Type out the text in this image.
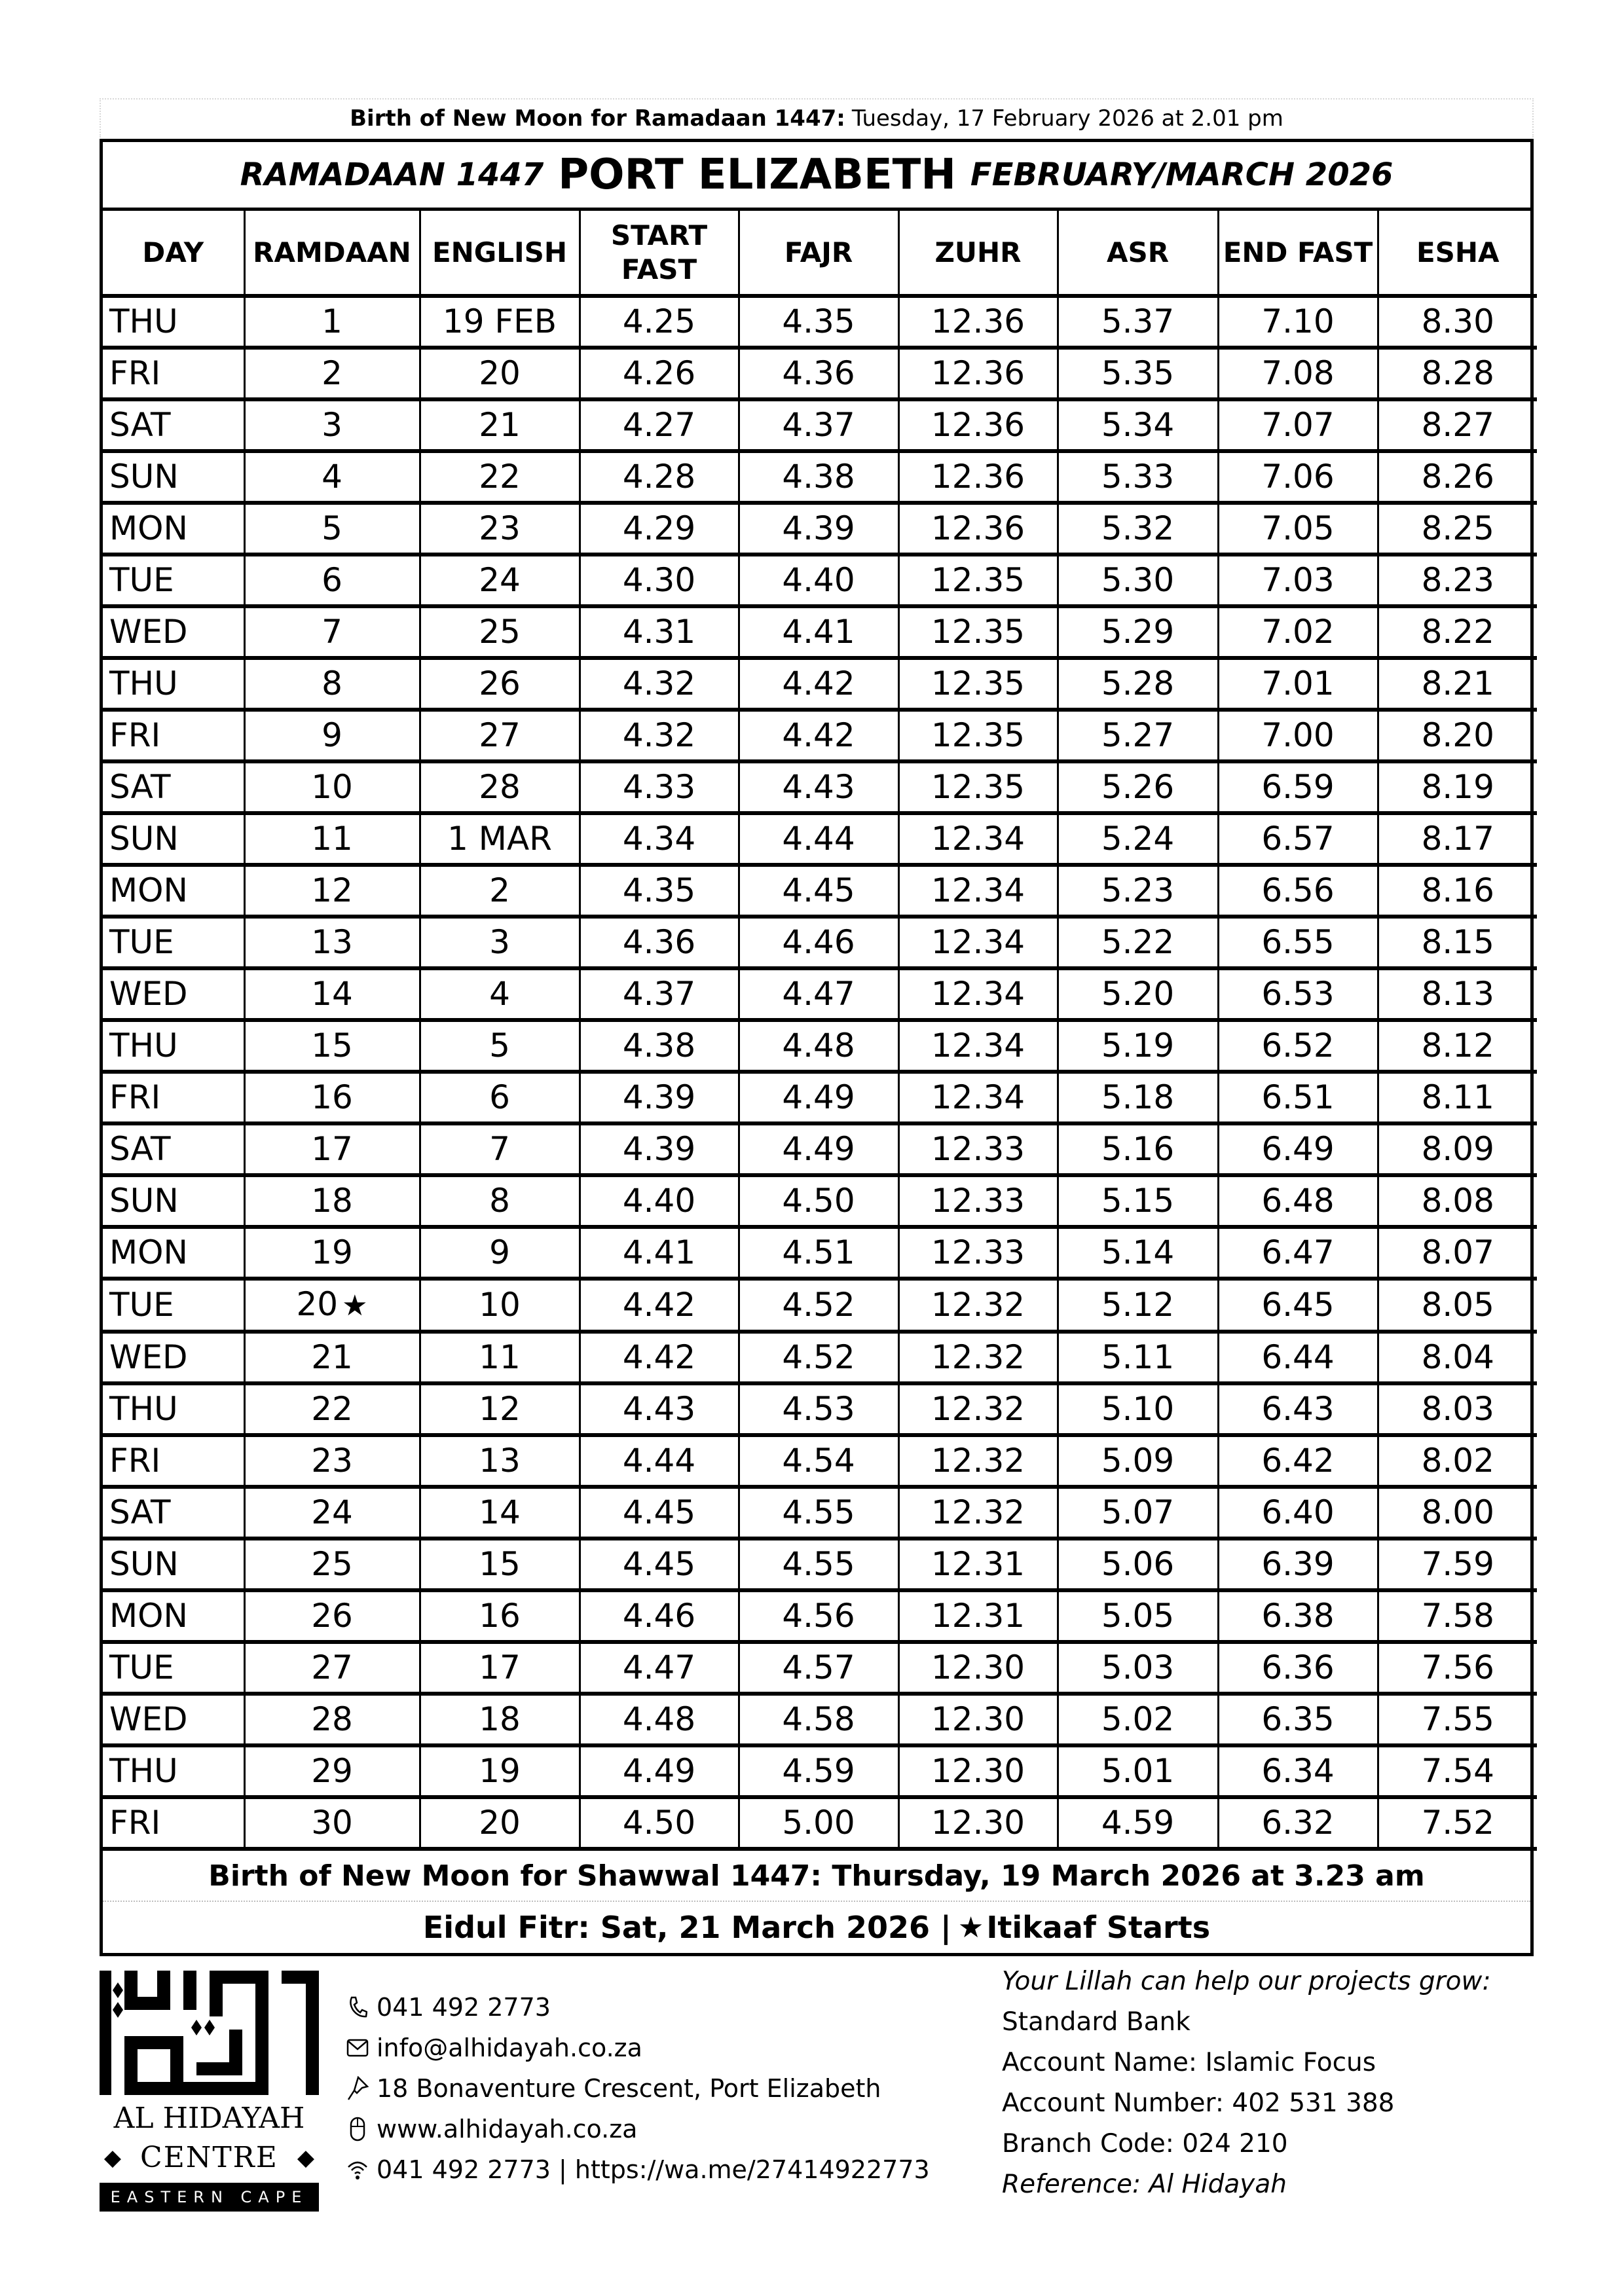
Birth of New Moon for Ramadaan 1447: Tuesday, 17 February 2026 at 2.01 pm
RAMADAAN 1447 PORT ELIZABETH FEBRUARY/MARCH 2026
DAY	RAMDAAN	ENGLISH	START FAST	FAJR	ZUHR	ASR	END FAST	ESHA
THU	1	19 FEB	4.25	4.35	12.36	5.37	7.10	8.30
FRI	2	20	4.26	4.36	12.36	5.35	7.08	8.28
SAT	3	21	4.27	4.37	12.36	5.34	7.07	8.27
SUN	4	22	4.28	4.38	12.36	5.33	7.06	8.26
MON	5	23	4.29	4.39	12.36	5.32	7.05	8.25
TUE	6	24	4.30	4.40	12.35	5.30	7.03	8.23
WED	7	25	4.31	4.41	12.35	5.29	7.02	8.22
THU	8	26	4.32	4.42	12.35	5.28	7.01	8.21
FRI	9	27	4.32	4.42	12.35	5.27	7.00	8.20
SAT	10	28	4.33	4.43	12.35	5.26	6.59	8.19
SUN	11	1 MAR	4.34	4.44	12.34	5.24	6.57	8.17
MON	12	2	4.35	4.45	12.34	5.23	6.56	8.16
TUE	13	3	4.36	4.46	12.34	5.22	6.55	8.15
WED	14	4	4.37	4.47	12.34	5.20	6.53	8.13
THU	15	5	4.38	4.48	12.34	5.19	6.52	8.12
FRI	16	6	4.39	4.49	12.34	5.18	6.51	8.11
SAT	17	7	4.39	4.49	12.33	5.16	6.49	8.09
SUN	18	8	4.40	4.50	12.33	5.15	6.48	8.08
MON	19	9	4.41	4.51	12.33	5.14	6.47	8.07
TUE	20 ★	10	4.42	4.52	12.32	5.12	6.45	8.05
WED	21	11	4.42	4.52	12.32	5.11	6.44	8.04
THU	22	12	4.43	4.53	12.32	5.10	6.43	8.03
FRI	23	13	4.44	4.54	12.32	5.09	6.42	8.02
SAT	24	14	4.45	4.55	12.32	5.07	6.40	8.00
SUN	25	15	4.45	4.55	12.31	5.06	6.39	7.59
MON	26	16	4.46	4.56	12.31	5.05	6.38	7.58
TUE	27	17	4.47	4.57	12.30	5.03	6.36	7.56
WED	28	18	4.48	4.58	12.30	5.02	6.35	7.55
THU	29	19	4.49	4.59	12.30	5.01	6.34	7.54
FRI	30	20	4.50	5.00	12.30	4.59	6.32	7.52
Birth of New Moon for Shawwal 1447: Thursday, 19 March 2026 at 3.23 am
Eidul Fitr: Sat, 21 March 2026 | ★ Itikaaf Starts
AL HIDAYAH
◆ CENTRE ◆
EASTERN CAPE
041 492 2773
info@alhidayah.co.za
18 Bonaventure Crescent, Port Elizabeth
www.alhidayah.co.za
041 492 2773 | https://wa.me/27414922773
Your Lillah can help our projects grow:
Standard Bank
Account Name: Islamic Focus
Account Number: 402 531 388
Branch Code: 024 210
Reference: Al Hidayah
